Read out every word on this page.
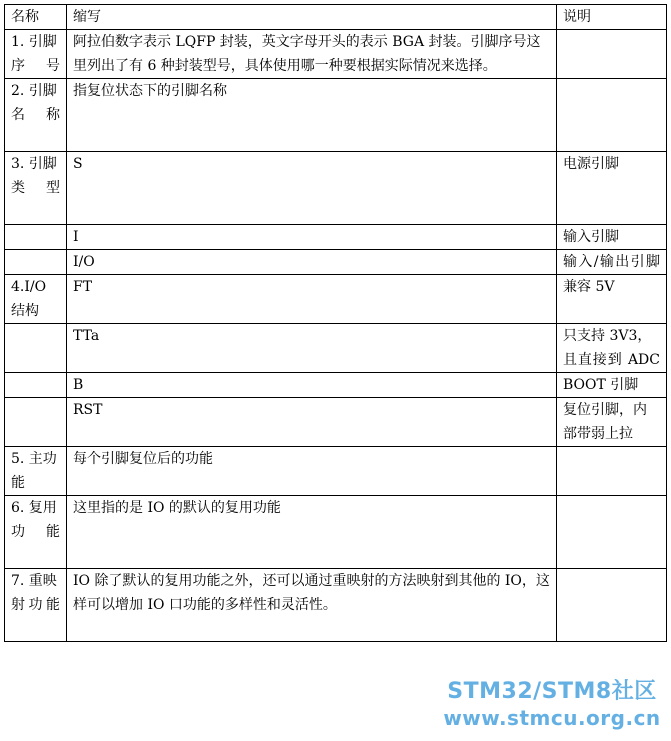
名称	缩写	说明
1. 引脚序号	阿拉伯数字表示 LQFP 封装，英文字母开头的表示 BGA 封装。引脚序号这里列出了有 6 种封装型号，具体使用哪一种要根据实际情况来选择。	
2. 引脚名称	指复位状态下的引脚名称	
3. 引脚类型	S	电源引脚
	I	输入引脚
	I/O	输入/输出引脚
4.I/O 结构	FT	兼容 5V
	TTa	只支持 3V3，且直接到 ADC
	B	BOOT 引脚
	RST	复位引脚，内部带弱上拉
5. 主功能	每个引脚复位后的功能	
6. 复用功能	这里指的是 IO 的默认的复用功能	
7. 重映射功能	IO 除了默认的复用功能之外，还可以通过重映射的方法映射到其他的 IO，这样可以增加 IO 口功能的多样性和灵活性。	
STM32/STM8社区
www.stmcu.org.cn
